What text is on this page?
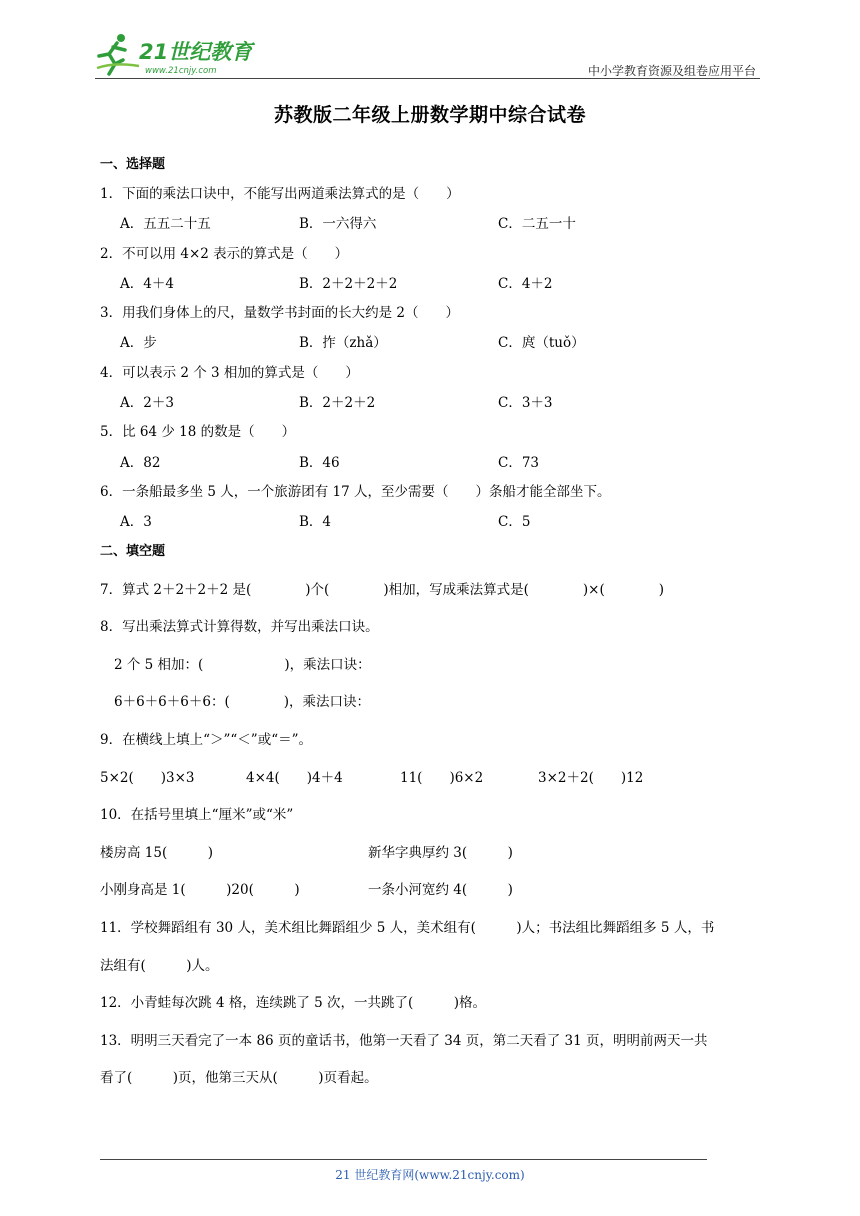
21世纪教育
www.21cnjy.com	中小学教育资源及组卷应用平台
苏教版二年级上册数学期中综合试卷
一、选择题
1．下面的乘法口诀中，不能写出两道乘法算式的是（　　）
A．五五二十五	B．一六得六	C．二五一十
2．不可以用 4×2 表示的算式是（　　）
A．4＋4	B．2＋2＋2＋2	C．4＋2
3．用我们身体上的尺，量数学书封面的长大约是 2（　　）
A．步	B．拃（zhǎ）	C．庹（tuǒ）
4．可以表示 2 个 3 相加的算式是（　　）
A．2＋3	B．2＋2＋2	C．3＋3
5．比 64 少 18 的数是（　　）
A．82	B．46	C．73
6．一条船最多坐 5 人，一个旅游团有 17 人，至少需要（　　）条船才能全部坐下。
A．3	B．4	C．5
二、填空题
7．算式 2＋2＋2＋2 是(　　　　)个(　　　　)相加，写成乘法算式是(　　　　)×(　　　　)
8．写出乘法算式计算得数，并写出乘法口诀。
2 个 5 相加：(　　　　　　)，乘法口诀：
6＋6＋6＋6＋6：(　　　　)，乘法口诀：
9．在横线上填上“＞”“＜”或“＝”。
5×2(　　)3×3	4×4(　　)4＋4	11(　　)6×2	3×2＋2(　　)12
10．在括号里填上“厘米”或“米”
楼房高 15(　　　)	新华字典厚约 3(　　　)
小刚身高是 1(　　　)20(　　　)	一条小河宽约 4(　　　)
11．学校舞蹈组有 30 人，美术组比舞蹈组少 5 人，美术组有(　　　)人；书法组比舞蹈组多 5 人，书
法组有(　　　)人。
12．小青蛙每次跳 4 格，连续跳了 5 次，一共跳了(　　　)格。
13．明明三天看完了一本 86 页的童话书，他第一天看了 34 页，第二天看了 31 页，明明前两天一共
看了(　　　)页，他第三天从(　　　)页看起。
21 世纪教育网(www.21cnjy.com)
